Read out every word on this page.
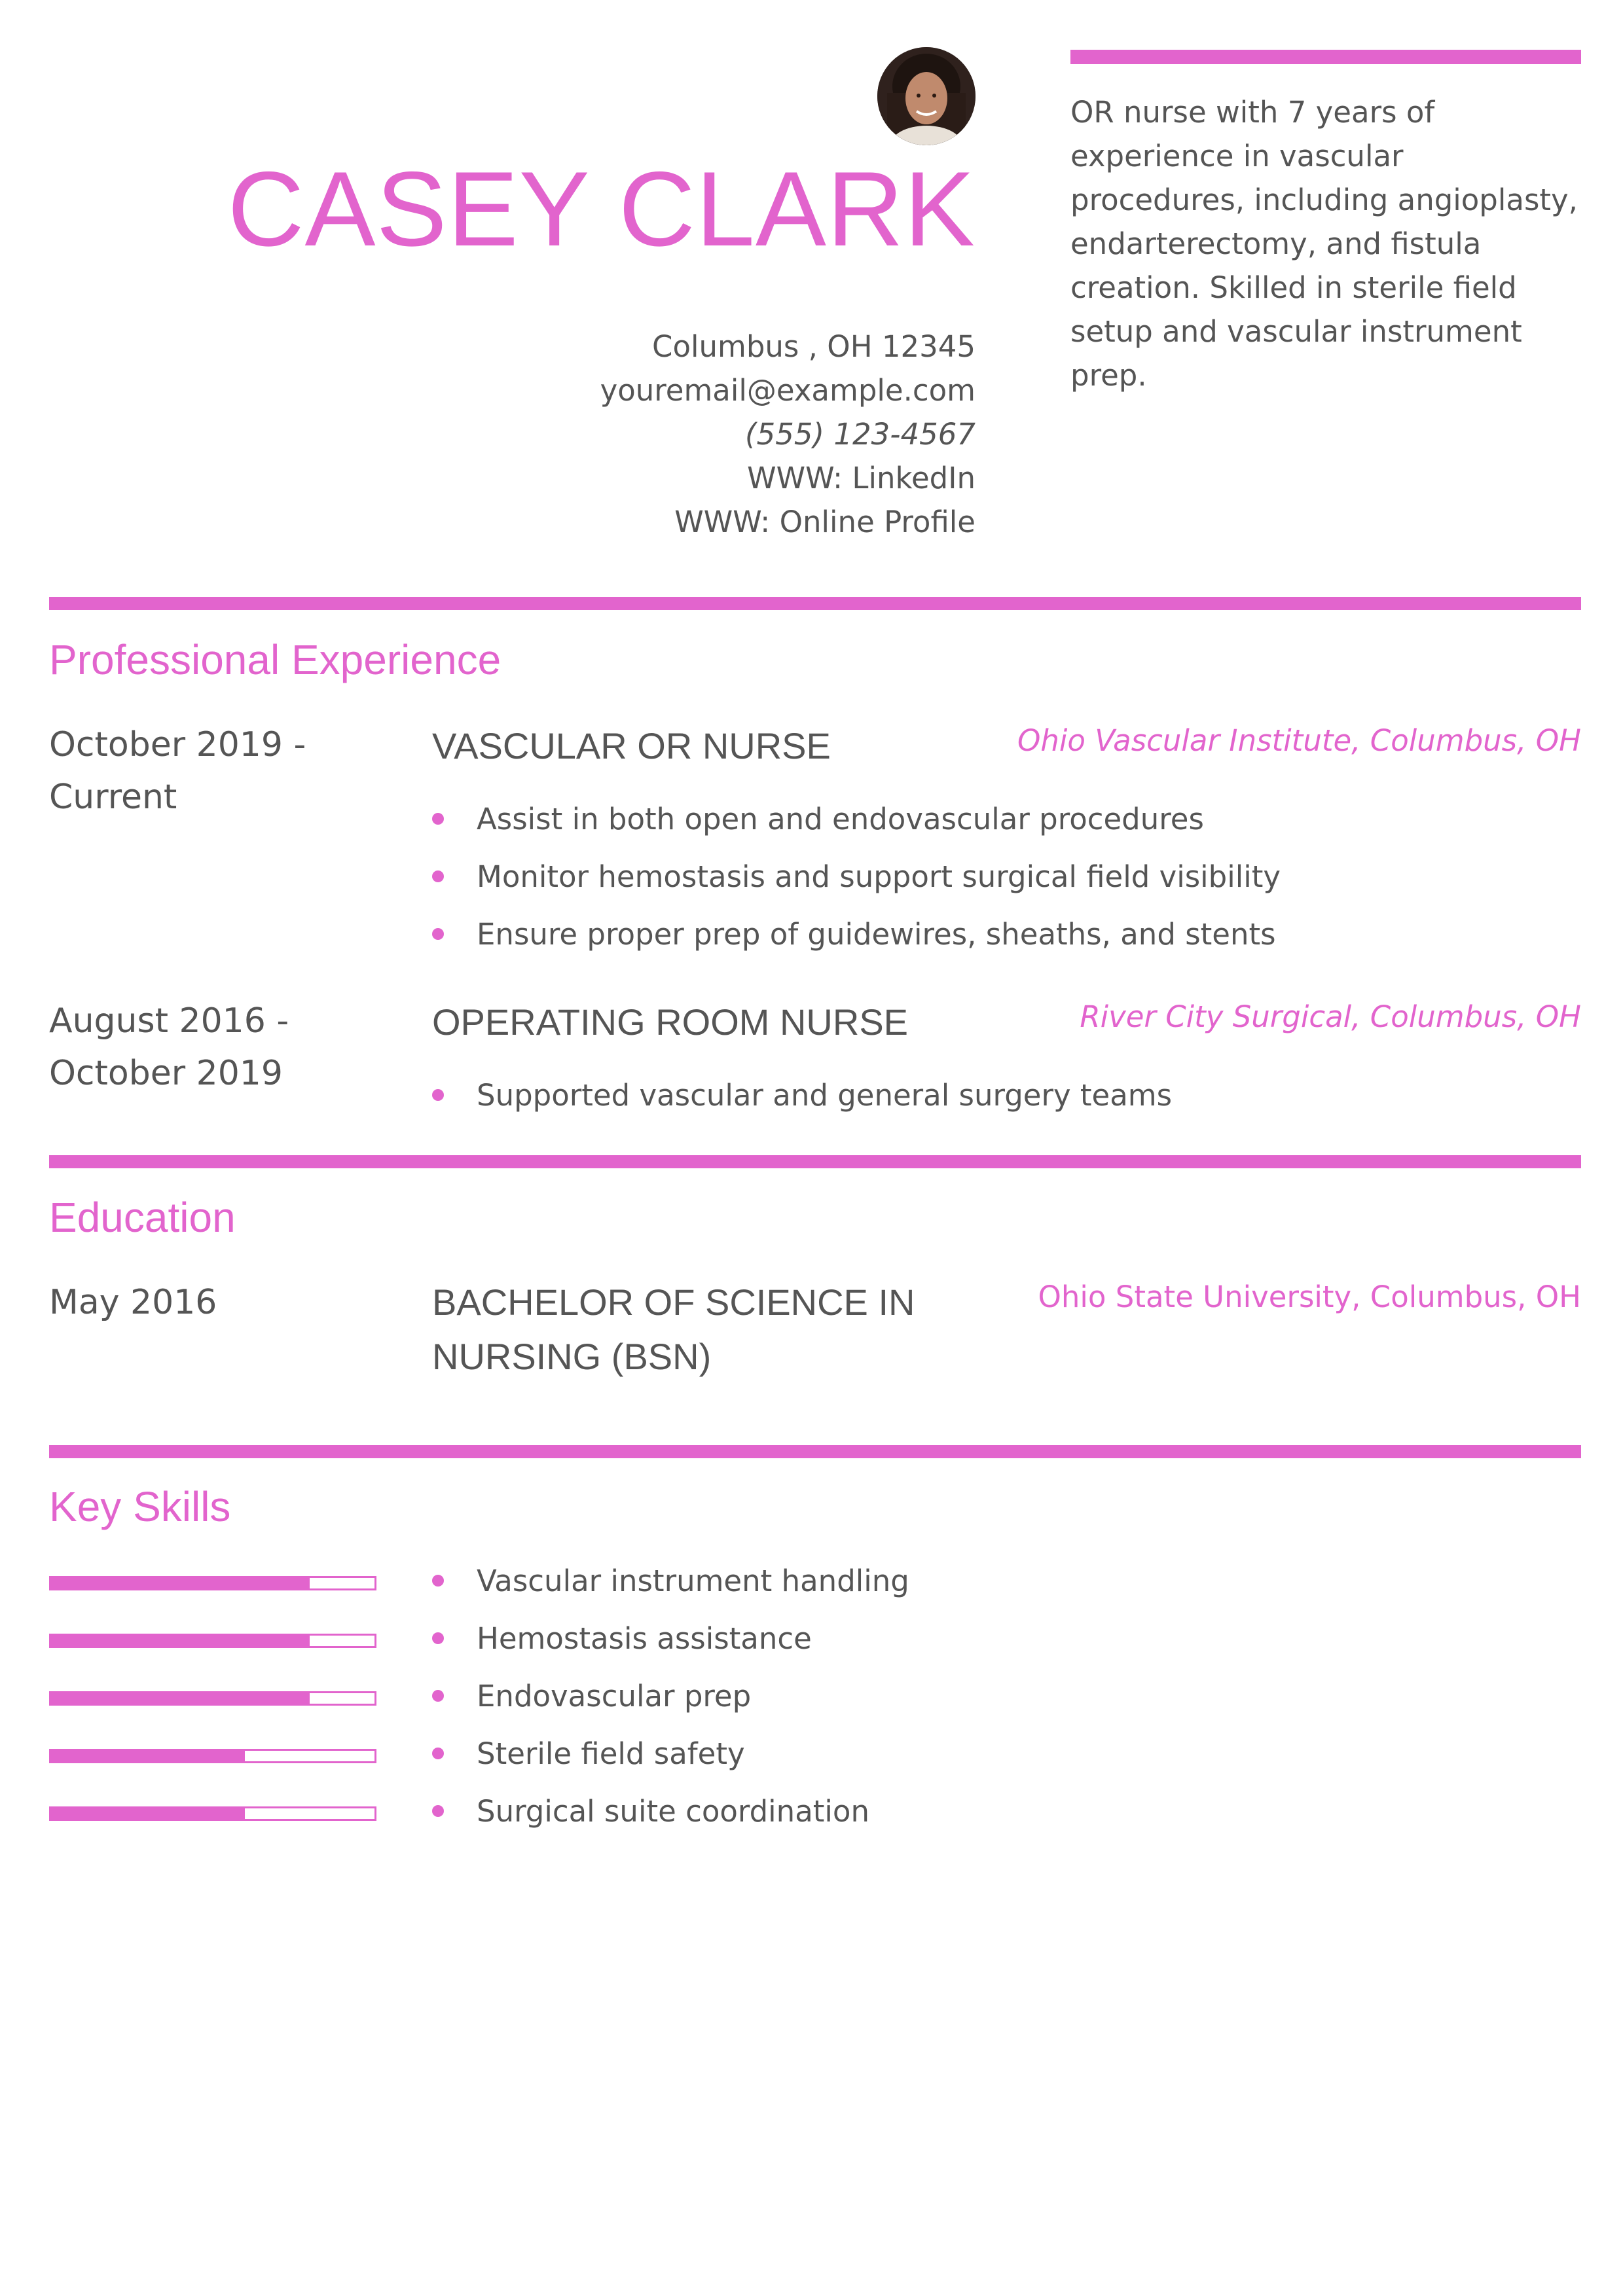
CASEY CLARK
Columbus , OH 12345
youremail@example.com
(555) 123-4567
WWW: LinkedIn
WWW: Online Profile
OR nurse with 7 years of experience in vascular procedures, including angioplasty, endarterectomy, and fistula creation. Skilled in sterile field setup and vascular instrument prep.
Professional Experience
October 2019 -
Current
VASCULAR OR NURSE	Ohio Vascular Institute, Columbus, OH
Assist in both open and endovascular procedures
Monitor hemostasis and support surgical field visibility
Ensure proper prep of guidewires, sheaths, and stents
August 2016 -
October 2019
OPERATING ROOM NURSE	River City Surgical, Columbus, OH
Supported vascular and general surgery teams
Education
May 2016	BACHELOR OF SCIENCE IN
NURSING (BSN)
Ohio State University, Columbus, OH
Key Skills
Vascular instrument handling
Hemostasis assistance
Endovascular prep
Sterile field safety
Surgical suite coordination
